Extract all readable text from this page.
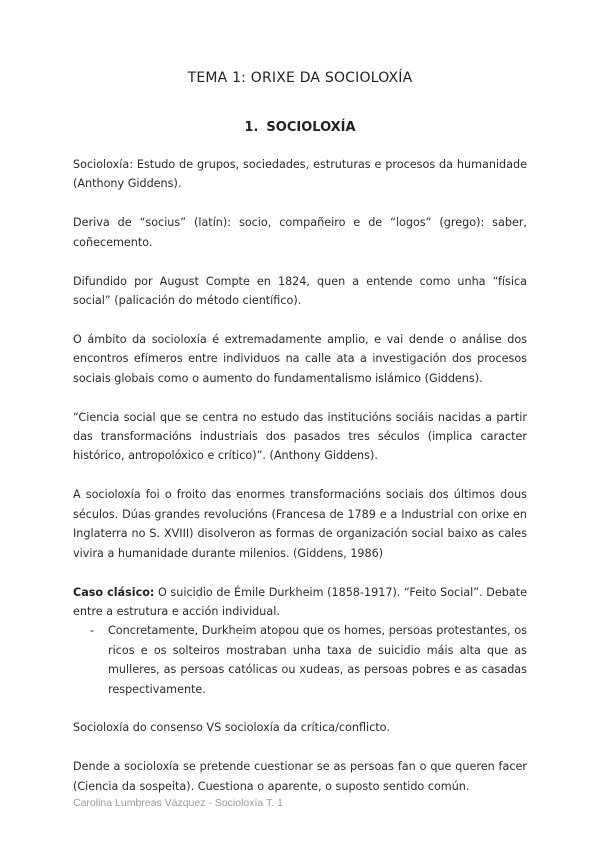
TEMA 1: ORIXE DA SOCIOLOXÍA
1. SOCIOLOXÍA

Socioloxía: Estudo de grupos, sociedades, estruturas e procesos da humanidade (Anthony Giddens).

Deriva de “socius” (latín): socio, compañeiro e de “logos” (grego): saber, coñecemento.

Difundido por August Compte en 1824, quen a entende como unha “física social” (palicación do método científico).

O ámbito da socioloxía é extremadamente amplio, e vai dende o análise dos encontros efímeros entre individuos na calle ata a investigación dos procesos sociais globais como o aumento do fundamentalismo islámico (Giddens).

“Ciencia social que se centra no estudo das institucións sociáis nacidas a partir das transformacións industriais dos pasados tres séculos (implica caracter histórico, antropolóxico e crítico)”. (Anthony Giddens).

A socioloxía foi o froito das enormes transformacións sociais dos últimos dous séculos. Dúas grandes revolucións (Francesa de 1789 e a Industrial con orixe en Inglaterra no S. XVIII) disolveron as formas de organización social baixo as cales vivira a humanidade durante milenios. (Giddens, 1986)

Caso clásico: O suicidio de Émile Durkheim (1858-1917). “Feito Social”. Debate entre a estrutura e acción individual.

- Concretamente, Durkheim atopou que os homes, persoas protestantes, os ricos e os solteiros mostraban unha taxa de suicidio máis alta que as mulleres, as persoas católicas ou xudeas, as persoas pobres e as casadas respectivamente.

Socioloxía do consenso VS socioloxía da crítica/conflicto.

Dende a socioloxía se pretende cuestionar se as persoas fan o que queren facer (Ciencia da sospeita). Cuestiona o aparente, o suposto sentido común.

Carolina Lumbreas Vázquez - Socioloxía T. 1
